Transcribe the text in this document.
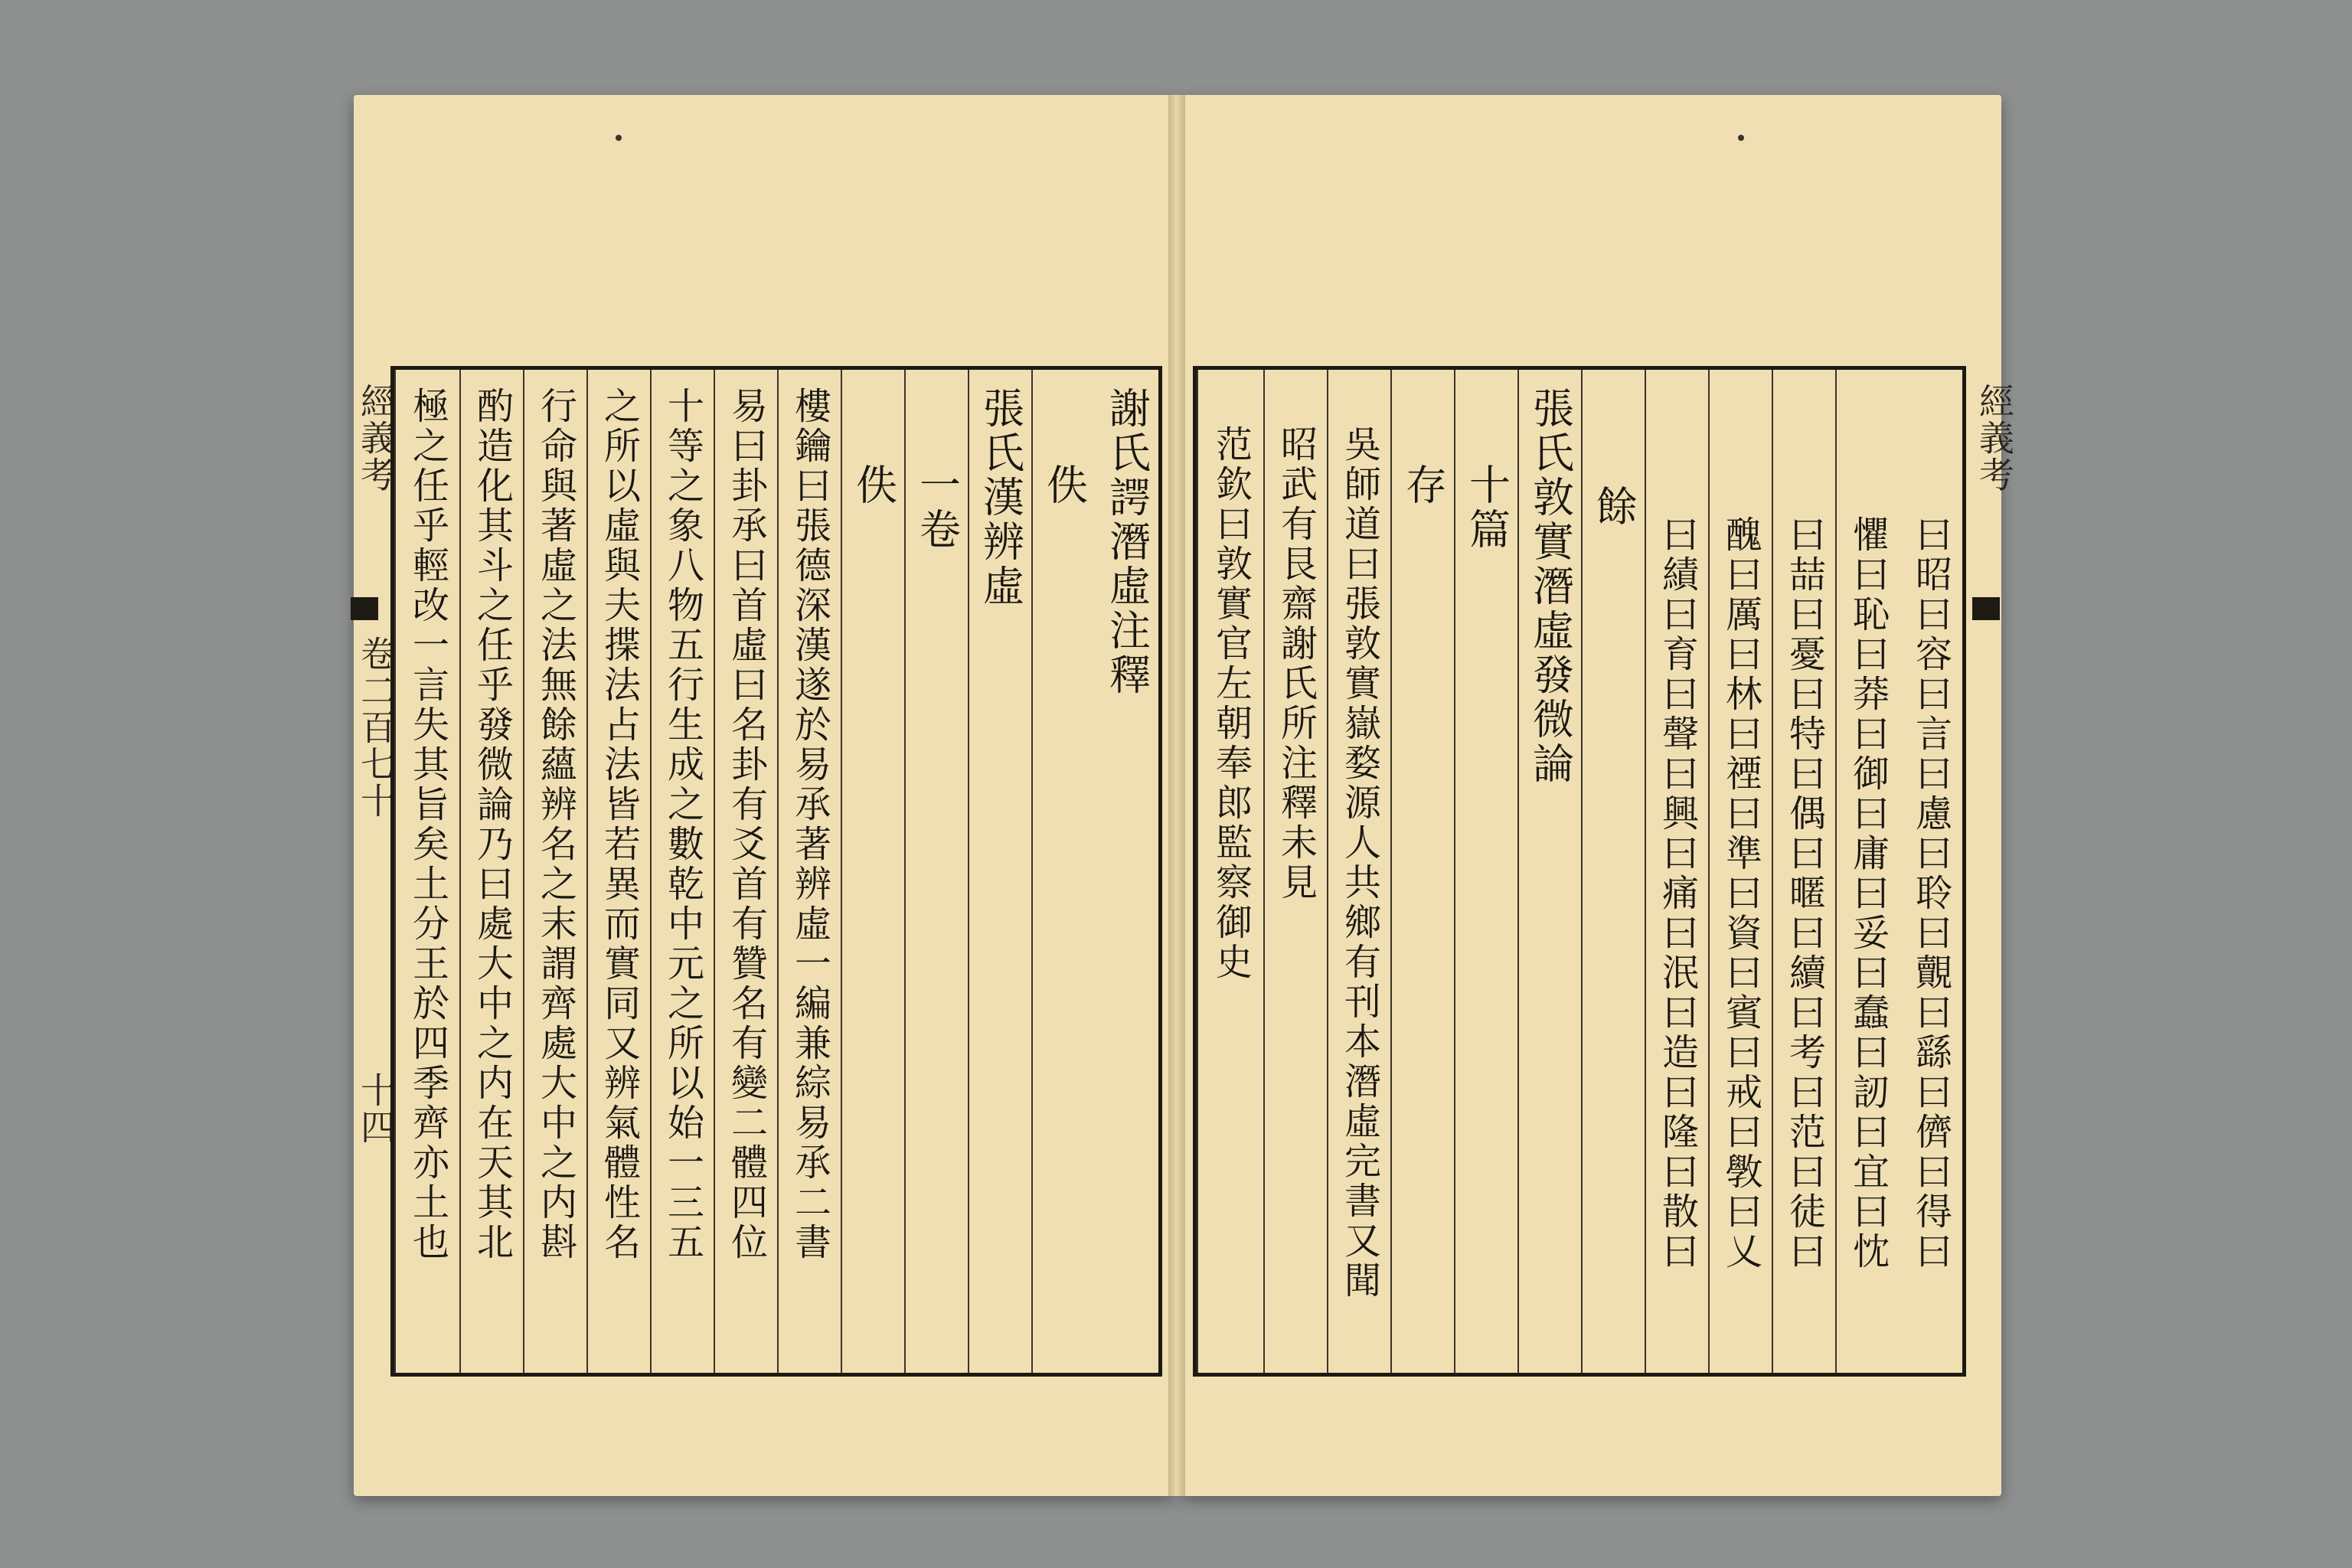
經義考
卷二百七十
十四
經義考
謝氏諤潛虛注釋
佚
張氏漢辨虛
一卷
佚
樓鑰曰張德深漢遂於易𠄘著辨虛一編兼綜易𠄘二書
易曰卦𠄘曰首虛曰名卦有爻首有贊名有變二體四位
十等之象八物五行生成之數乾中元之所以始一三五
之所以虛與夫揲法占法皆若異而實同又辨氣體性名
行命與著虛之法無餘蘊辨名之末謂齊處大中之内斟
酌造化其斗之任乎發微論乃曰處大中之内在天其北
極之任乎輕改一言失其旨矣土分王於四季齊亦土也	曰昭曰容曰言曰慮曰聆曰覿曰繇曰儕曰得曰
懼曰恥曰莽曰御曰庸曰妥曰蠢曰訒曰宜曰忱
曰喆曰憂曰特曰偶曰暱曰續曰考曰范曰徒曰
醜曰厲曰林曰禋曰準曰資曰賓曰戒曰斆曰乂
曰績曰育曰聲曰興曰痛曰泯曰造曰隆曰散曰
餘
張氏敦實潛虛發微論
十篇
存
吳師道曰張敦實嶽婺源人共鄉有刊本潛虛完書又聞
昭武有艮齋謝氏所注釋未見
范欽曰敦實官左朝奉郎監察御史
